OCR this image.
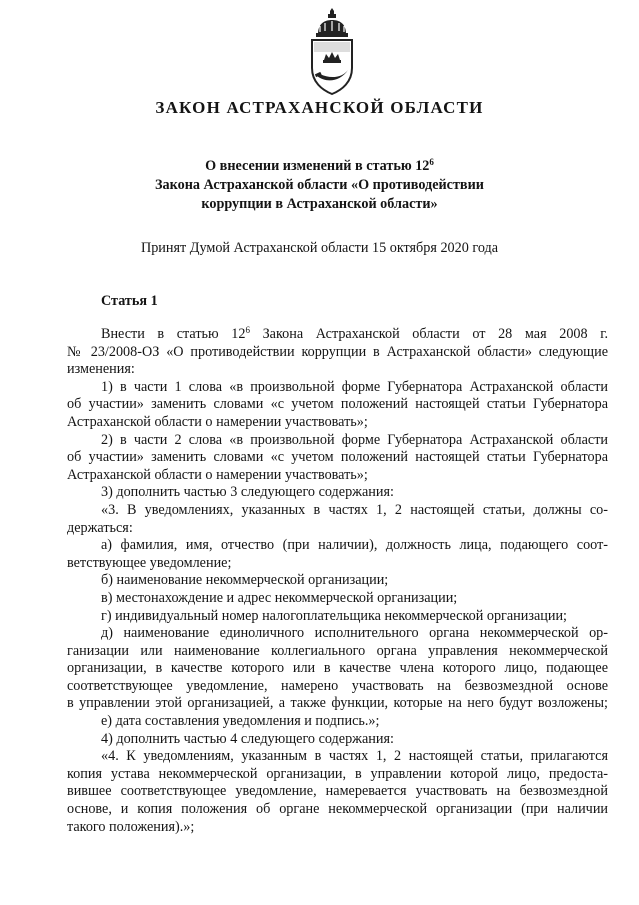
ЗАКОН АСТРАХАНСКОЙ ОБЛАСТИ
О внесении изменений в статью $12^6$
Закона Астраханской области «О противодействии
коррупции в Астраханской области»
Принят Думой Астраханской области 15 октября 2020 года
Статья 1
Внести в статью $12^6$ Закона Астраханской области от 28 мая 2008 г.
№ 23/2008-ОЗ «О противодействии коррупции в Астраханской области» следующие
изменения:
1) в части 1 слова «в произвольной форме Губернатора Астраханской области
об участии» заменить словами «с учетом положений настоящей статьи Губернатора
Астраханской области о намерении участвовать»;
2) в части 2 слова «в произвольной форме Губернатора Астраханской области
об участии» заменить словами «с учетом положений настоящей статьи Губернатора
Астраханской области о намерении участвовать»;
3) дополнить частью 3 следующего содержания:
«3. В уведомлениях, указанных в частях 1, 2 настоящей статьи, должны со-
держаться:
а) фамилия, имя, отчество (при наличии), должность лица, подающего соот-
ветствующее уведомление;
б) наименование некоммерческой организации;
в) местонахождение и адрес некоммерческой организации;
г) индивидуальный номер налогоплательщика некоммерческой организации;
д) наименование единоличного исполнительного органа некоммерческой ор-
ганизации или наименование коллегиального органа управления некоммерческой
организации, в качестве которого или в качестве члена которого лицо, подающее
соответствующее уведомление, намерено участвовать на безвозмездной основе
в управлении этой организацией, а также функции, которые на него будут возложены;
е) дата составления уведомления и подпись.»;
4) дополнить частью 4 следующего содержания:
«4. К уведомлениям, указанным в частях 1, 2 настоящей статьи, прилагаются
копия устава некоммерческой организации, в управлении которой лицо, предоста-
вившее соответствующее уведомление, намеревается участвовать на безвозмездной
основе, и копия положения об органе некоммерческой организации (при наличии
такого положения).»;
